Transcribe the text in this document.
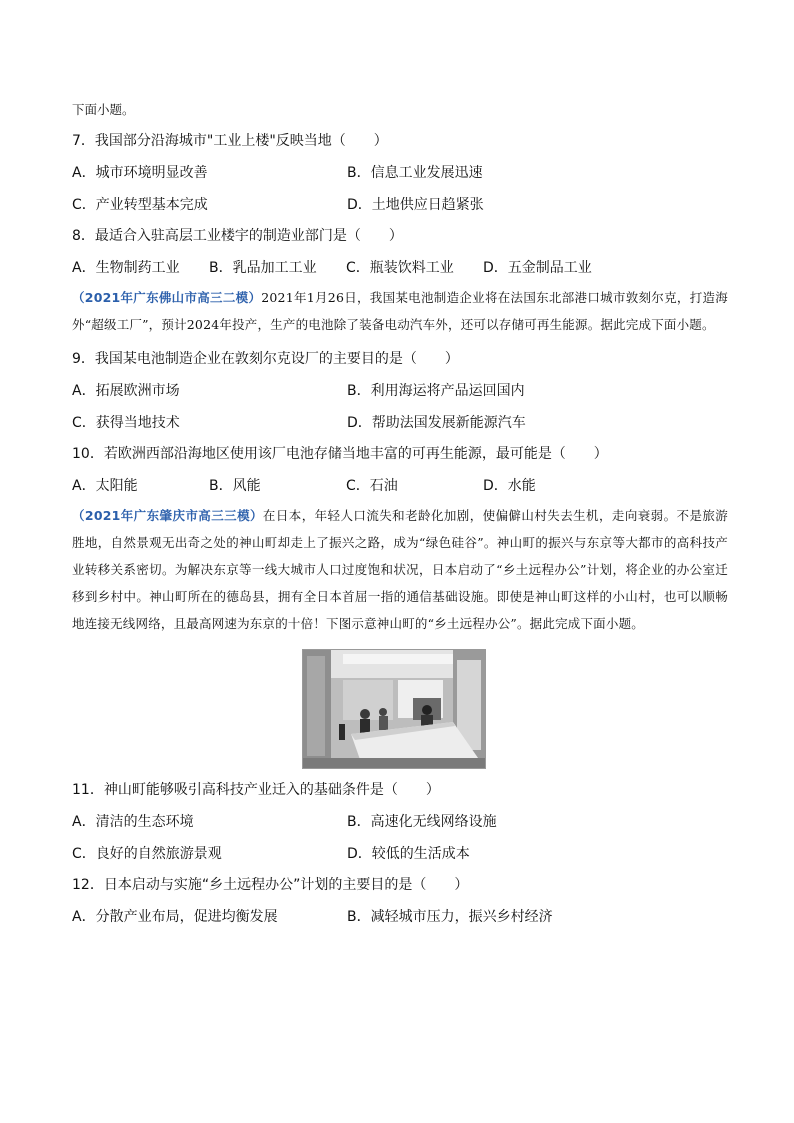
下面小题。
7．我国部分沿海城市"工业上楼"反映当地（　　）
A．城市环境明显改善	B．信息工业发展迅速
C．产业转型基本完成	D．土地供应日趋紧张
8．最适合入驻高层工业楼宇的制造业部门是（　　）
A．生物制药工业	B．乳品加工工业	C．瓶装饮料工业	D．五金制品工业
（2021年广东佛山市高三二模）2021年1月26日，我国某电池制造企业将在法国东北部港口城市敦刻尔克，打造海外“超级工厂”，预计2024年投产，生产的电池除了装备电动汽车外，还可以存储可再生能源。据此完成下面小题。
9．我国某电池制造企业在敦刻尔克设厂的主要目的是（　　）
A．拓展欧洲市场	B．利用海运将产品运回国内
C．获得当地技术	D．帮助法国发展新能源汽车
10．若欧洲西部沿海地区使用该厂电池存储当地丰富的可再生能源，最可能是（　　）
A．太阳能	B．风能	C．石油	D．水能
（2021年广东肇庆市高三三模）在日本，年轻人口流失和老龄化加剧，使偏僻山村失去生机，走向衰弱。不是旅游胜地，自然景观无出奇之处的神山町却走上了振兴之路，成为“绿色硅谷”。神山町的振兴与东京等大都市的高科技产业转移关系密切。为解决东京等一线大城市人口过度饱和状况，日本启动了“乡土远程办公”计划，将企业的办公室迁移到乡村中。神山町所在的德岛县，拥有全日本首屈一指的通信基础设施。即使是神山町这样的小山村，也可以顺畅地连接无线网络，且最高网速为东京的十倍！下图示意神山町的“乡土远程办公”。据此完成下面小题。
11．神山町能够吸引高科技产业迁入的基础条件是（　　）
A．清洁的生态环境	B．高速化无线网络设施
C．良好的自然旅游景观	D．较低的生活成本
12．日本启动与实施“乡土远程办公”计划的主要目的是（　　）
A．分散产业布局，促进均衡发展	B．减轻城市压力，振兴乡村经济
